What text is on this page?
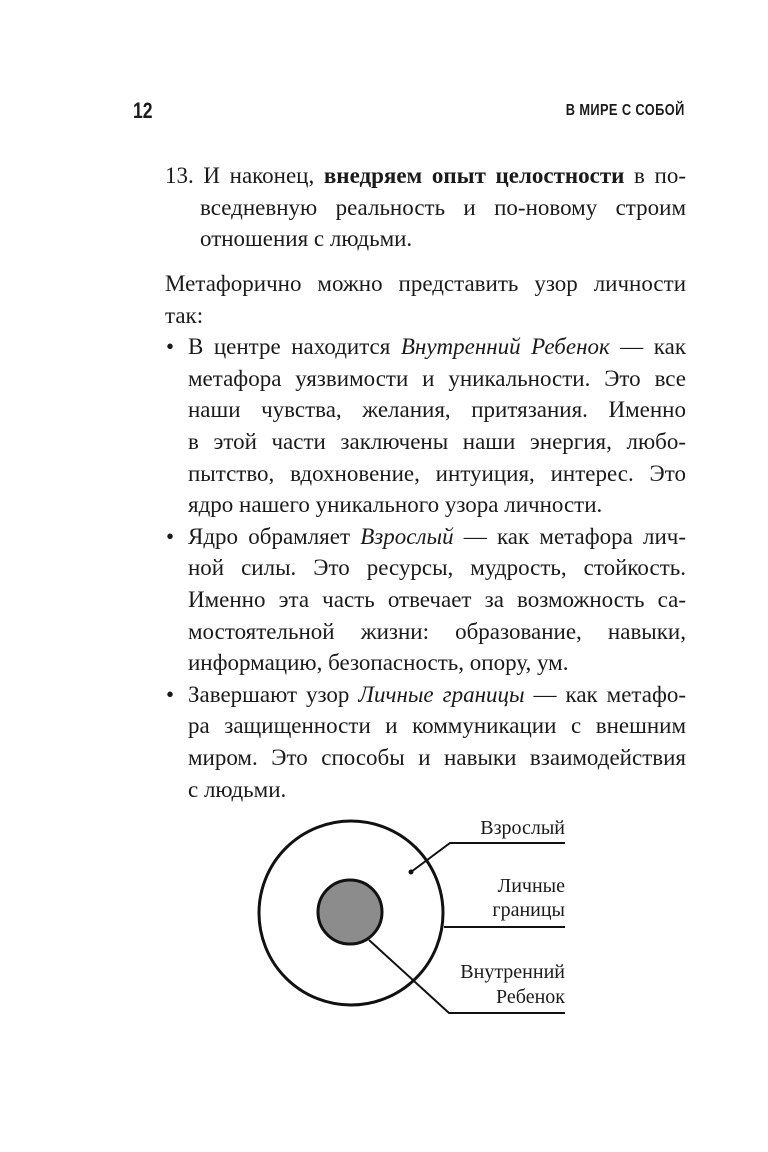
12	В МИРЕ С СОБОЙ
13. И наконец, внедряем опыт целостности в по-
вседневную реальность и по-новому строим
отношения с людьми.
Метафорично можно представить узор личности
так:
• В центре находится Внутренний Ребенок — как
метафора уязвимости и уникальности. Это все
наши чувства, желания, притязания. Именно
в этой части заключены наши энергия, любо-
пытство, вдохновение, интуиция, интерес. Это
ядро нашего уникального узора личности.
• Ядро обрамляет Взрослый — как метафора лич-
ной силы. Это ресурсы, мудрость, стойкость.
Именно эта часть отвечает за возможность са-
мостоятельной жизни: образование, навыки,
информацию, безопасность, опору, ум.
• Завершают узор Личные границы — как метафо-
ра защищенности и коммуникации с внешним
миром. Это способы и навыки взаимодействия
с людьми.
Взрослый
Личные
границы
Внутренний
Ребенок
